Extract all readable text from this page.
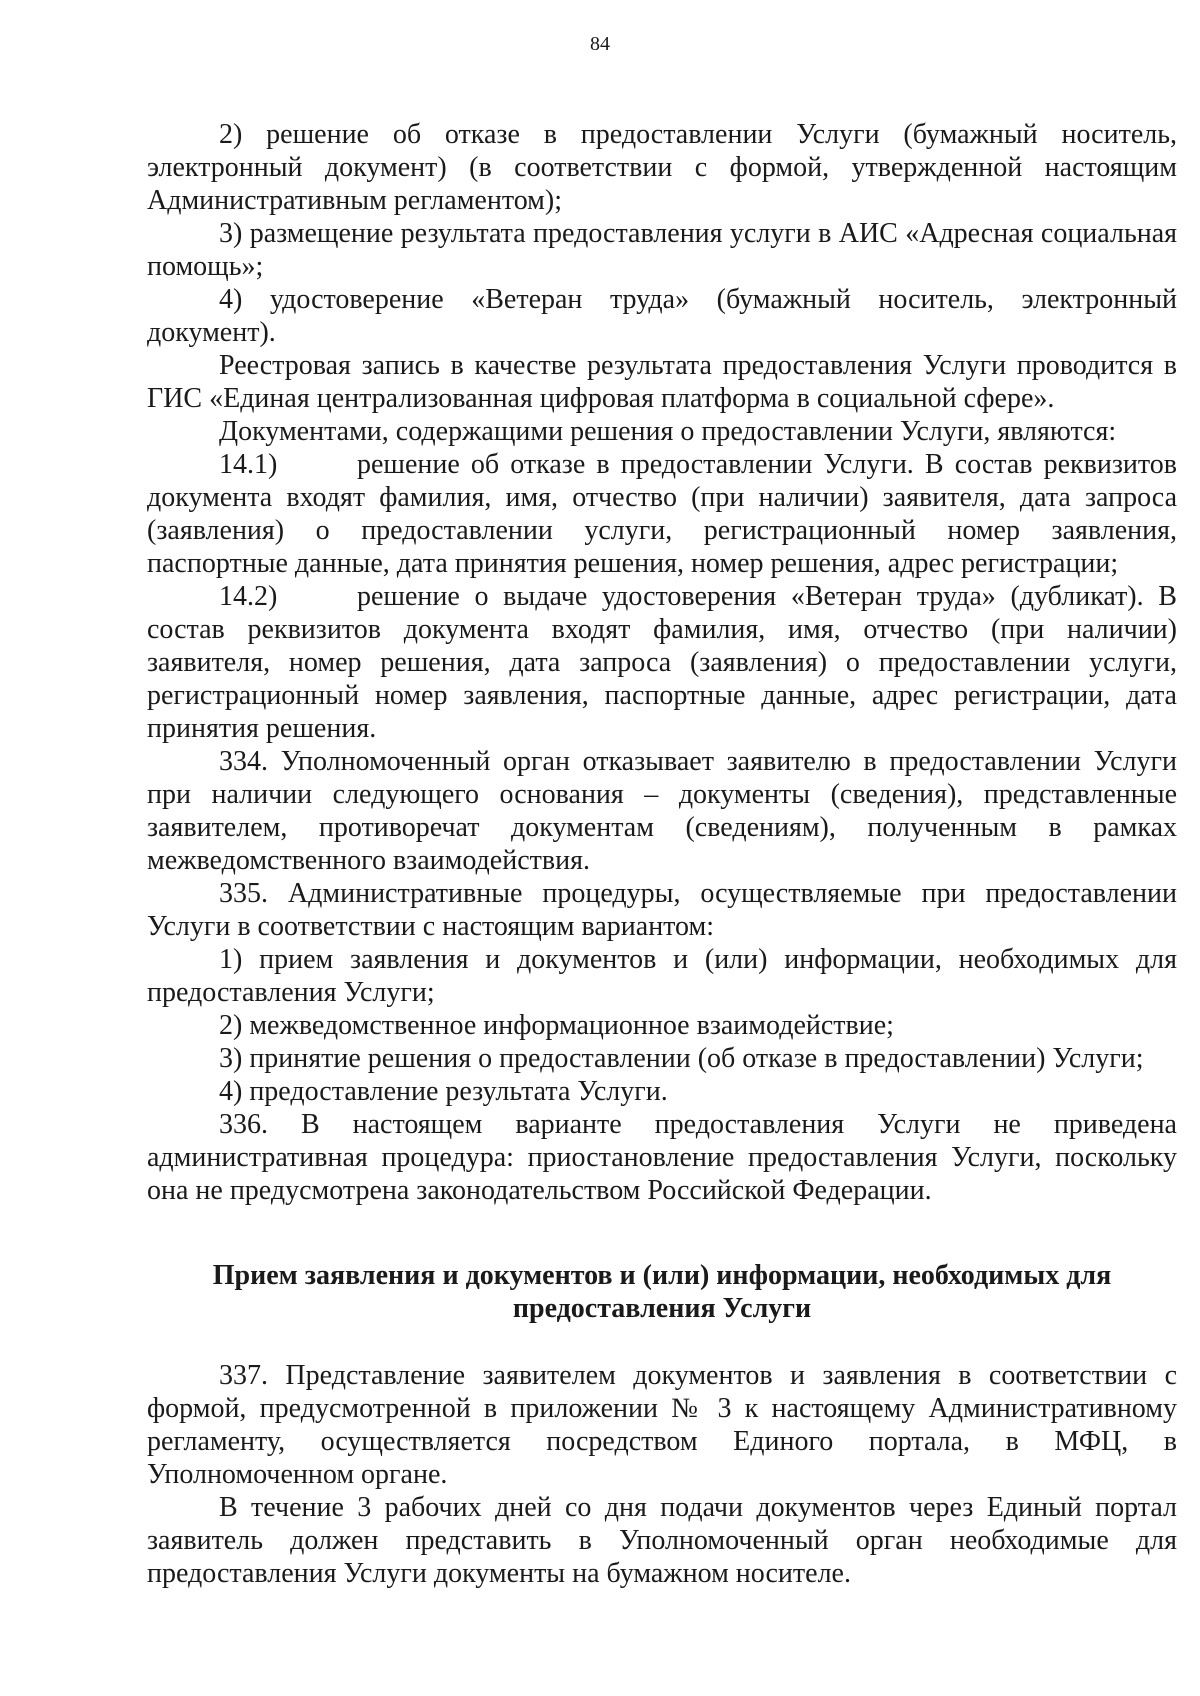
84

2) решение об отказе в предоставлении Услуги (бумажный носитель, электронный документ) (в соответствии с формой, утвержденной настоящим Административным регламентом);

3) размещение результата предоставления услуги в АИС «Адресная социальная помощь»;

4) удостоверение «Ветеран труда» (бумажный носитель, электронный документ).

Реестровая запись в качестве результата предоставления Услуги проводится в ГИС «Единая централизованная цифровая платформа в социальной сфере».

Документами, содержащими решения о предоставлении Услуги, являются:

14.1)	решение об отказе в предоставлении Услуги. В состав реквизитов

документа входят фамилия, имя, отчество (при наличии) заявителя, дата запроса (заявления) о предоставлении услуги, регистрационный номер заявления, паспортные данные, дата принятия решения, номер решения, адрес регистрации;

14.2)	решение о выдаче удостоверения «Ветеран труда» (дубликат). В

состав реквизитов документа входят фамилия, имя, отчество (при наличии) заявителя, номер решения, дата запроса (заявления) о предоставлении услуги, регистрационный номер заявления, паспортные данные, адрес регистрации, дата принятия решения.

334. Уполномоченный орган отказывает заявителю в предоставлении Услуги при наличии следующего основания – документы (сведения), представленные заявителем, противоречат документам (сведениям), полученным в рамках межведомственного взаимодействия.

335. Административные процедуры, осуществляемые при предоставлении Услуги в соответствии с настоящим вариантом:

1) прием заявления и документов и (или) информации, необходимых для предоставления Услуги;

2) межведомственное информационное взаимодействие;

3) принятие решения о предоставлении (об отказе в предоставлении) Услуги;

4) предоставление результата Услуги.

336. В настоящем варианте предоставления Услуги не приведена административная процедура: приостановление предоставления Услуги, поскольку она не предусмотрена законодательством Российской Федерации.

Прием заявления и документов и (или) информации, необходимых для предоставления Услуги

337. Представление заявителем документов и заявления в соответствии с формой, предусмотренной в приложении № 3 к настоящему Административному регламенту, осуществляется посредством Единого портала, в МФЦ, в Уполномоченном органе.

В течение 3 рабочих дней со дня подачи документов через Единый портал заявитель должен представить в Уполномоченный орган необходимые для предоставления Услуги документы на бумажном носителе.
